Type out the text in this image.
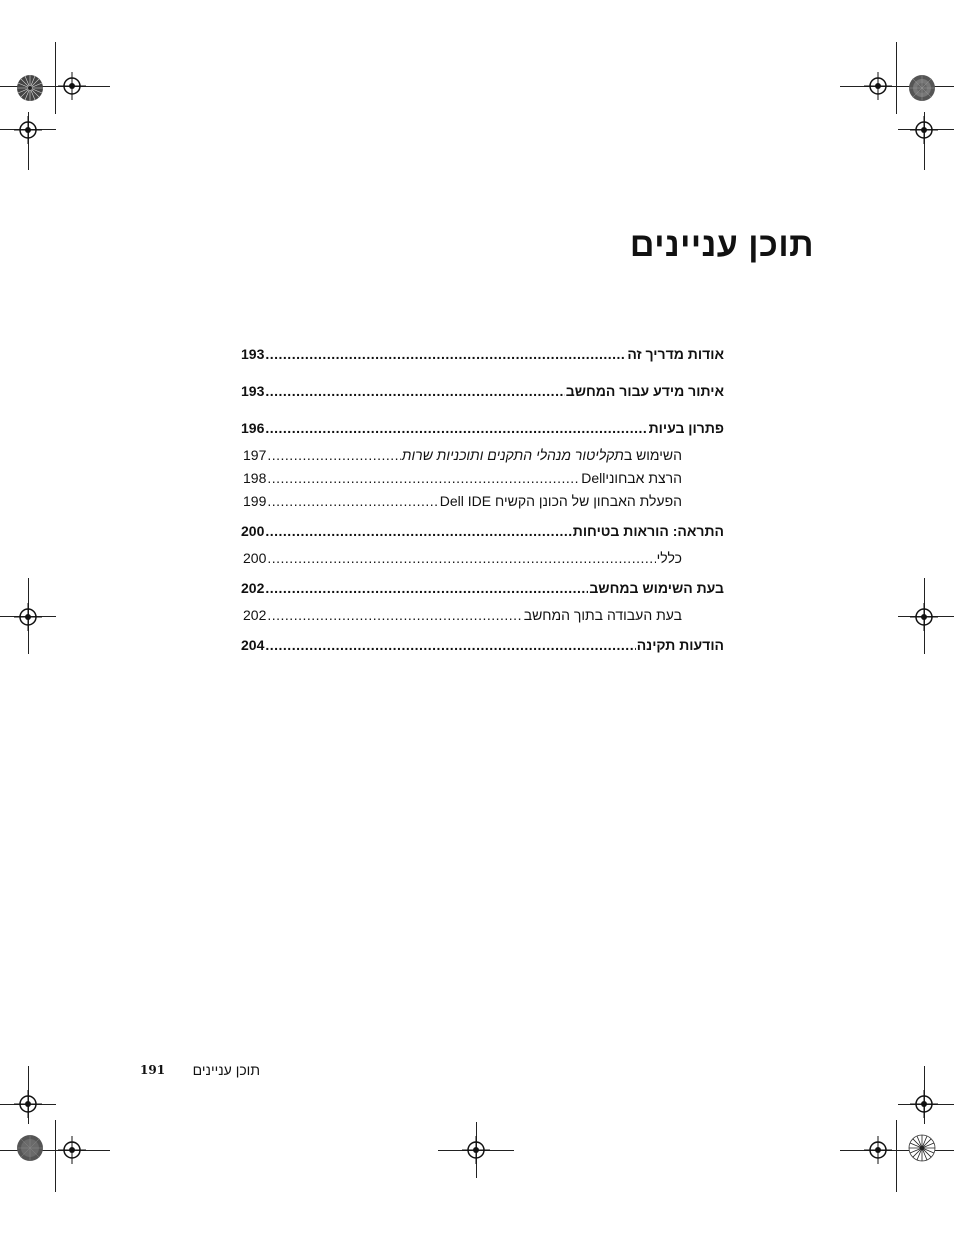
תוכן עניינים
אודות מדריך זה
.....
193
איתור מידע עבור המחשב
.....
193
פתרון בעיות
.....
196
השימוש בתקליטור מנהלי התקנים ותוכניות שרות
.....
197
הרצת אבחוניDell
.....
198
הפעלת האבחון של הכונן הקשיח Dell IDE
.....
199
התראה: הוראות בטיחות
.....
200
כללי
.....
200
בעת השימוש במחשב
.....
202
בעת העבודה בתוך המחשב
.....
202
הודעות תקינה
.....
204
191	תוכן עניינים
